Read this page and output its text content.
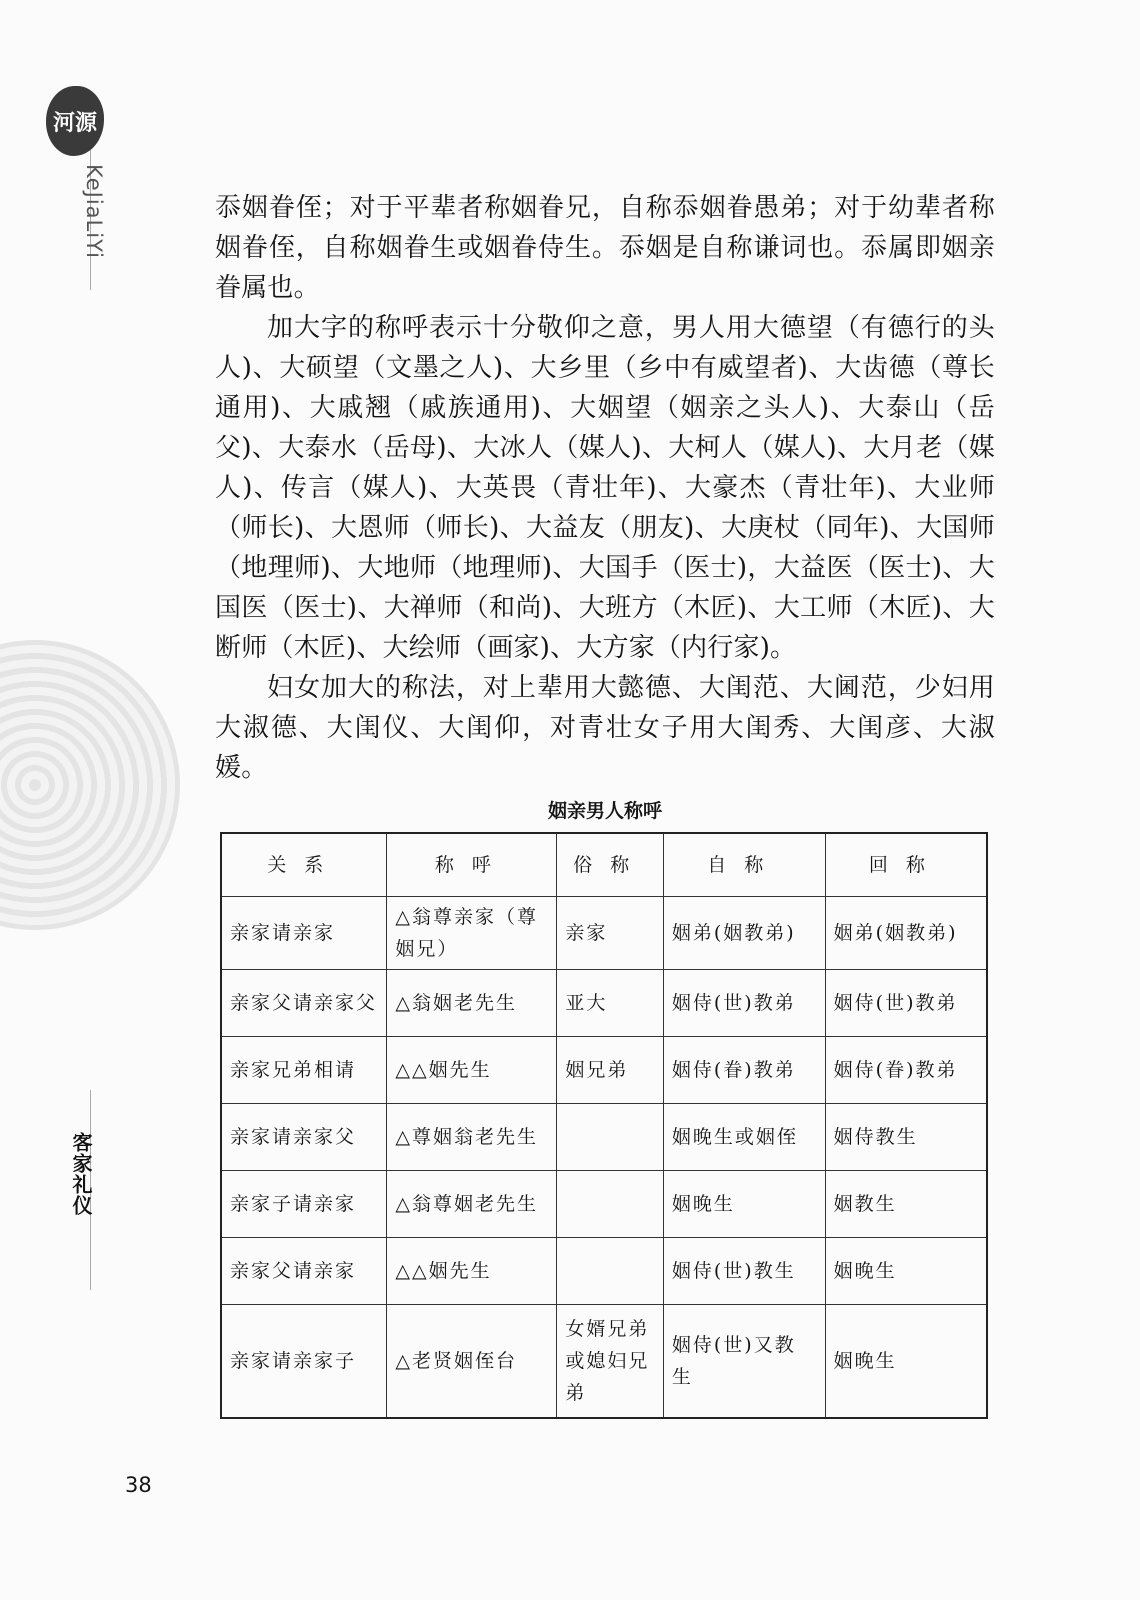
河源
KeJiaLiYi
客家礼仪

忝姻眷侄；对于平辈者称姻眷兄，自称忝姻眷愚弟；对于幼辈者称姻眷侄，自称姻眷生或姻眷侍生。忝姻是自称谦词也。忝属即姻亲眷属也。

加大字的称呼表示十分敬仰之意，男人用大德望（有德行的头人)、大硕望（文墨之人)、大乡里（乡中有威望者)、大齿德（尊长通用)、大戚翘（戚族通用)、大姻望（姻亲之头人)、大泰山（岳父)、大泰水（岳母)、大冰人（媒人)、大柯人（媒人)、大月老（媒人)、传言（媒人)、大英畏（青壮年)、大豪杰（青壮年)、大业师（师长)、大恩师（师长)、大益友（朋友)、大庚杖（同年)、大国师（地理师)、大地师（地理师)、大国手（医士)，大益医（医士)、大国医（医士)、大禅师（和尚)、大班方（木匠)、大工师（木匠)、大断师（木匠)、大绘师（画家)、大方家（内行家)。

妇女加大的称法，对上辈用大懿德、大闺范、大阃范，少妇用大淑德、大闺仪、大闺仰，对青壮女子用大闺秀、大闺彦、大淑媛。

姻亲男人称呼
关系	称呼	俗称	自称	回称
亲家请亲家	△翁尊亲家（尊姻兄）	亲家	姻弟(姻教弟)	姻弟(姻教弟)
亲家父请亲家父	△翁姻老先生	亚大	姻侍(世)教弟	姻侍(世)教弟
亲家兄弟相请	△△姻先生	姻兄弟	姻侍(眷)教弟	姻侍(眷)教弟
亲家请亲家父	△尊姻翁老先生		姻晚生或姻侄	姻侍教生
亲家子请亲家	△翁尊姻老先生		姻晚生	姻教生
亲家父请亲家	△△姻先生		姻侍(世)教生	姻晚生
亲家请亲家子	△老贤姻侄台	女婿兄弟或媳妇兄弟	姻侍(世)又教生	姻晚生
38
